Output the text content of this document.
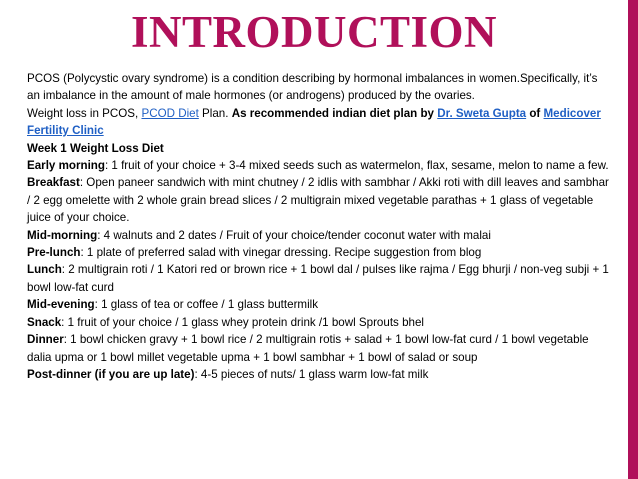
INTRODUCTION

PCOS (Polycystic ovary syndrome) is a condition describing by hormonal imbalances in women.Specifically, it’s an imbalance in the amount of male hormones (or androgens) produced by the ovaries.

Weight loss in PCOS, PCOD Diet Plan. As recommended indian diet plan by Dr. Sweta Gupta of Medicover Fertility Clinic

Week 1 Weight Loss Diet

Early morning: 1 fruit of your choice + 3-4 mixed seeds such as watermelon, flax, sesame, melon to name a few.

Breakfast: Open paneer sandwich with mint chutney / 2 idlis with sambhar / Akki roti with dill leaves and sambhar / 2 egg omelette with 2 whole grain bread slices / 2 multigrain mixed vegetable parathas + 1 glass of vegetable juice of your choice.

Mid-morning: 4 walnuts and 2 dates / Fruit of your choice/tender coconut water with malai

Pre-lunch: 1 plate of preferred salad with vinegar dressing. Recipe suggestion from blog

Lunch: 2 multigrain roti / 1 Katori red or brown rice + 1 bowl dal / pulses like rajma / Egg bhurji / non-veg subji + 1 bowl low-fat curd

Mid-evening: 1 glass of tea or coffee / 1 glass buttermilk

Snack: 1 fruit of your choice / 1 glass whey protein drink /1 bowl Sprouts bhel

Dinner: 1 bowl chicken gravy + 1 bowl rice / 2 multigrain rotis + salad + 1 bowl low-fat curd / 1 bowl vegetable dalia upma or 1 bowl millet vegetable upma + 1 bowl sambhar + 1 bowl of salad or soup

Post-dinner (if you are up late): 4-5 pieces of nuts/ 1 glass warm low-fat milk
